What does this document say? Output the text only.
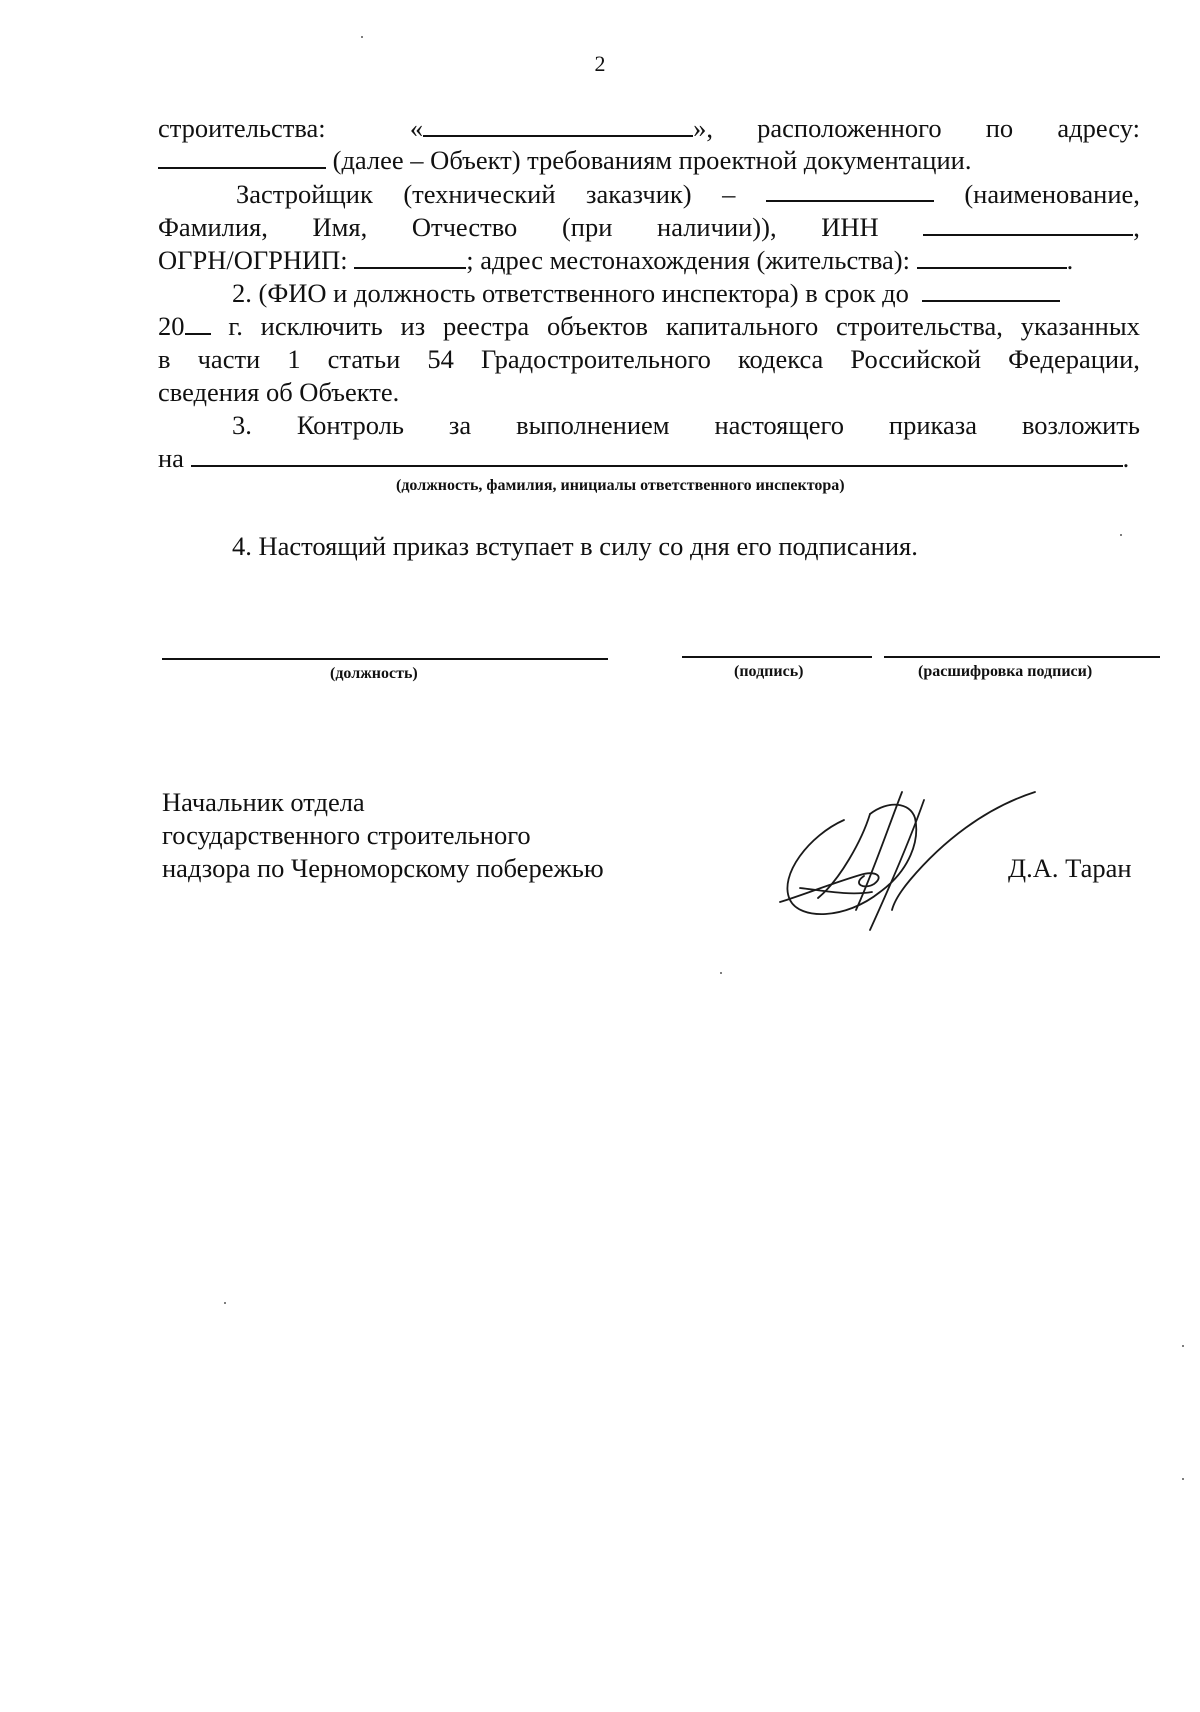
2
строительства:	«	», расположенного по адресу:
(далее – Объект) требованиям проектной документации.
Застройщик (технический заказчик) –	(наименование,
Фамилия, Имя, Отчество (при наличии)), ИНН	,
ОГРН/ОГРНИП:	; адрес местонахождения (жительства):	.
2. (ФИО и должность ответственного инспектора) в срок до
20	г. исключить из реестра объектов капитального строительства, указанных
в части 1 статьи 54 Градостроительного кодекса Российской Федерации,
сведения об Объекте.
3. Контроль за выполнением настоящего приказа возложить
на	.
(должность, фамилия, инициалы ответственного инспектора)
4. Настоящий приказ вступает в силу со дня его подписания.
(должность)	(подпись)	(расшифровка подписи)
Начальник отдела
государственного строительного
надзора по Черноморскому побережью	Д.А. Таран
